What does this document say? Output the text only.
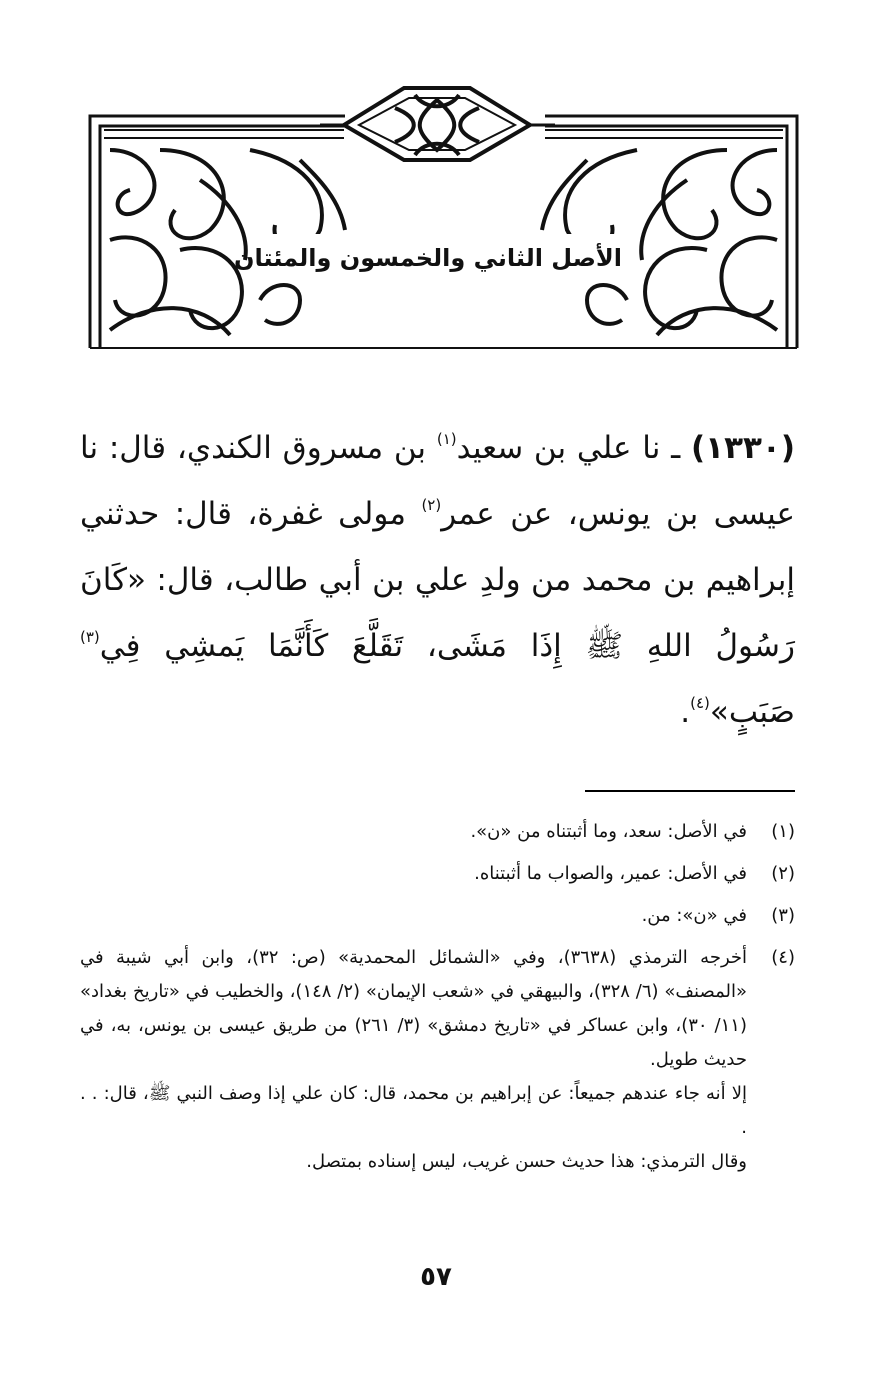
الأصل الثاني والخمسون والمئتان
(١٣٣٠) ـ نا علي بن سعيد$^{(١)}$ بن مسروق الكندي، قال: نا عيسى بن يونس، عن عمر$^{(٢)}$ مولى غفرة، قال: حدثني إبراهيم بن محمد من ولدِ علي بن أبي طالب، قال: «كَانَ رَسُولُ اللهِ ﷺ إِذَا مَشَى، تَقَلَّعَ كَأَنَّمَا يَمشِي فِي$^{(٣)}$ صَبَبٍ»$^{(٤)}$.
(١)

في الأصل: سعد، وما أثبتناه من «ن».

(٢)

في الأصل: عمير، والصواب ما أثبتناه.

(٣)

في «ن»: من.

(٤)

أخرجه الترمذي (٣٦٣٨)، وفي «الشمائل المحمدية» (ص: ٣٢)، وابن أبي شيبة في «المصنف» (٦/ ٣٢٨)، والبيهقي في «شعب الإيمان» (٢/ ١٤٨)، والخطيب في «تاريخ بغداد» (١١/ ٣٠)، وابن عساكر في «تاريخ دمشق» (٣/ ٢٦١) من طريق عيسى بن يونس، به، في حديث طويل.

إلا أنه جاء عندهم جميعاً: عن إبراهيم بن محمد، قال: كان علي إذا وصف النبي ﷺ، قال: . . .

وقال الترمذي: هذا حديث حسن غريب، ليس إسناده بمتصل.

٥٧
